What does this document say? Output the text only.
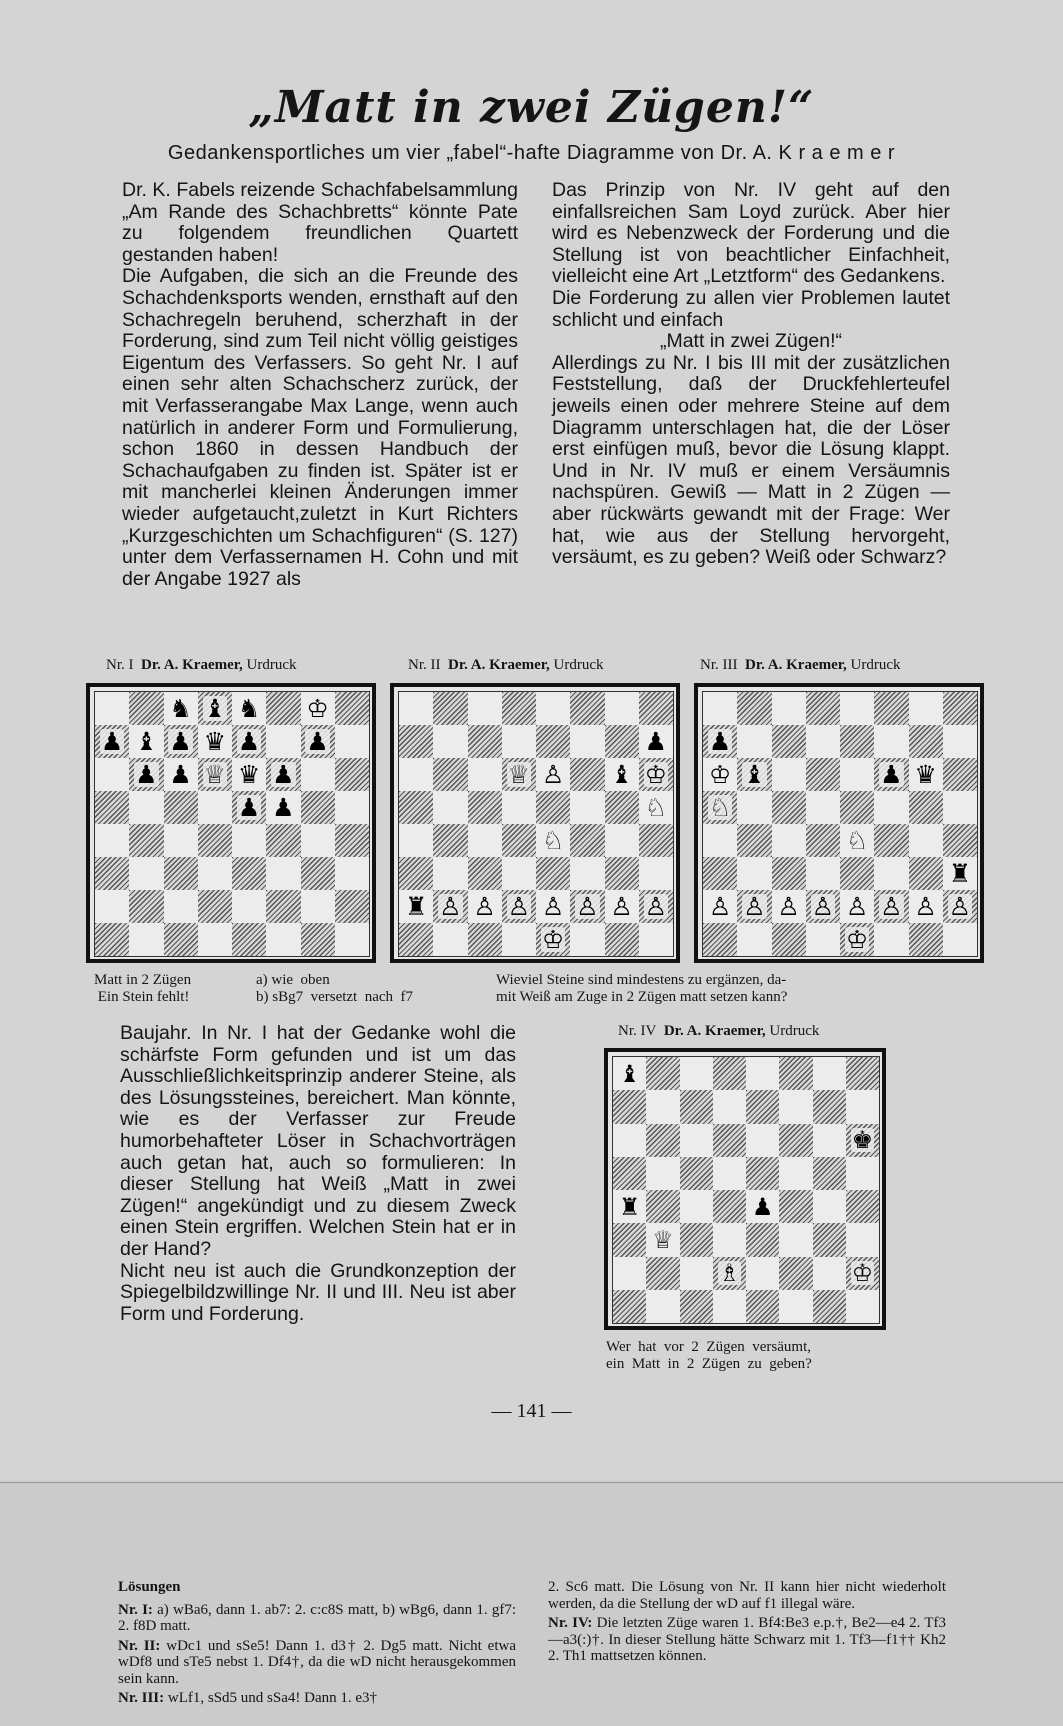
„Matt in zwei Zügen!“
Gedankensportliches um vier „fabel“-hafte Diagramme von Dr. A. K r a e m e r

Dr. K. Fabels reizende Schachfabelsammlung „Am Rande des Schachbretts“ könnte Pate zu folgendem freundlichen Quartett gestanden haben!

Die Aufgaben, die sich an die Freunde des Schachdenksports wenden, ernsthaft auf den Schachregeln beruhend, scherzhaft in der Forderung, sind zum Teil nicht völlig geistiges Eigentum des Verfassers. So geht Nr. I auf einen sehr alten Schachscherz zurück, der mit Verfasserangabe Max Lange, wenn auch natürlich in anderer Form und Formulierung, schon 1860 in dessen Handbuch der Schachaufgaben zu finden ist. Später ist er mit mancherlei kleinen Änderungen immer wieder aufgetaucht,zuletzt in Kurt Richters „Kurzgeschichten um Schachfiguren“ (S. 127) unter dem Verfassernamen H. Cohn und mit der Angabe 1927 als

Das Prinzip von Nr. IV geht auf den einfallsreichen Sam Loyd zurück. Aber hier wird es Nebenzweck der Forderung und die Stellung ist von beachtlicher Einfachheit, vielleicht eine Art „Letztform“ des Gedankens.

Die Forderung zu allen vier Problemen lautet schlicht und einfach

„Matt in zwei Zügen!“

Allerdings zu Nr. I bis III mit der zusätzlichen Feststellung, daß der Druckfehlerteufel jeweils einen oder mehrere Steine auf dem Diagramm unterschlagen hat, die der Löser erst einfügen muß, bevor die Lösung klappt. Und in Nr. IV muß er einem Versäumnis nachspüren. Gewiß — Matt in 2 Zügen — aber rückwärts gewandt mit der Frage: Wer hat, wie aus der Stellung hervorgeht, versäumt, es zu geben? Weiß oder Schwarz?

Nr. I Dr. A. Kraemer, Urdruck	Nr. II Dr. A. Kraemer, Urdruck	Nr. III Dr. A. Kraemer, Urdruck
♞ ♝ ♞ ♔
♟ ♝ ♟ ♛ ♟ ♟
♟ ♟ ♕ ♛ ♟
♟ ♟
♟
♕ ♙ ♝ ♔
♘
♘
♜ ♙ ♙ ♙ ♙ ♙ ♙ ♙
♔
♟
♔ ♝	♟ ♛
♘
♘
♜
♙ ♙ ♙ ♙ ♙ ♙ ♙ ♙
♔
Matt in 2 Zügen
Ein Stein fehlt!
a) wie  oben
b) sBg7  versetzt  nach  f7
Wieviel Steine sind mindestens zu ergänzen, da-
mit Weiß am Zuge in 2 Zügen matt setzen kann?

Baujahr. In Nr. I hat der Gedanke wohl die schärfste Form gefunden und ist um das Ausschließlichkeitsprinzip anderer Steine, als des Lösungssteines, bereichert. Man könnte, wie es der Verfasser zur Freude humorbehafteter Löser in Schachvorträgen auch getan hat, auch so formulieren: In dieser Stellung hat Weiß „Matt in zwei Zügen!“ angekündigt und zu diesem Zweck einen Stein ergriffen. Welchen Stein hat er in der Hand?

Nicht neu ist auch die Grundkonzeption der Spiegelbildzwillinge Nr. II und III. Neu ist aber Form und Forderung.

Nr. IV Dr. A. Kraemer, Urdruck
♝
♚
♜	♟
♕
♗	♔
Wer  hat  vor  2  Zügen  versäumt,
ein  Matt  in  2  Zügen  zu  geben?
— 141 —

Lösungen

Nr. I: a) wBa6, dann 1. ab7: 2. c:c8S matt, b) wBg6, dann 1. gf7: 2. f8D matt.

Nr. II: wDc1 und sSe5! Dann 1. d3† 2. Dg5 matt. Nicht etwa wDf8 und sTe5 nebst 1. Df4†, da die wD nicht herausgekommen sein kann.

Nr. III: wLf1, sSd5 und sSa4! Dann 1. e3†

2. Sc6 matt. Die Lösung von Nr. II kann hier nicht wiederholt werden, da die Stellung der wD auf f1 illegal wäre.

Nr. IV: Die letzten Züge waren 1. Bf4:Be3 e.p.†, Be2—e4 2. Tf3—a3(:)†. In dieser Stellung hätte Schwarz mit 1. Tf3—f1†† Kh2 2. Th1 mattsetzen können.
